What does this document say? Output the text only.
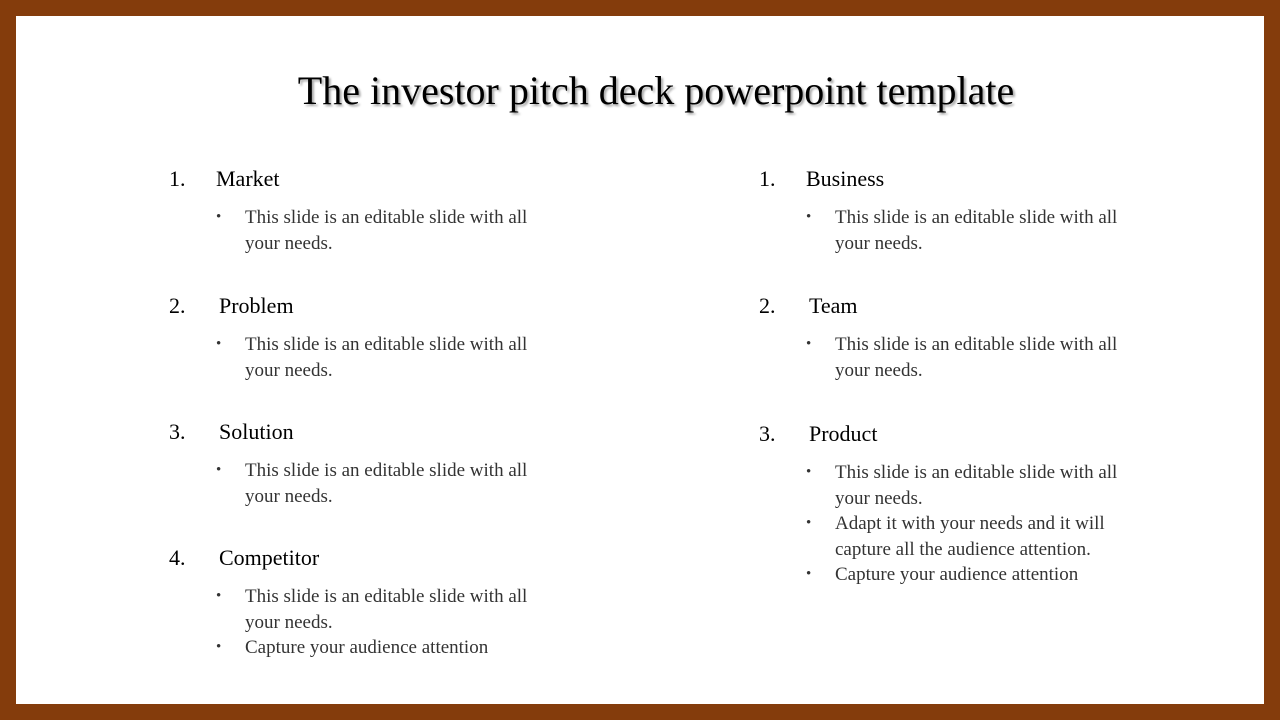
The investor pitch deck powerpoint template
1. Market
• This slide is an editable slide with all your needs.
2. Problem
• This slide is an editable slide with all your needs.
3. Solution
• This slide is an editable slide with all your needs.
4. Competitor
• This slide is an editable slide with all your needs.
• Capture your audience attention
1. Business
• This slide is an editable slide with all your needs.
2. Team
• This slide is an editable slide with all your needs.
3. Product
• This slide is an editable slide with all your needs.
• Adapt it with your needs and it will capture all the audience attention.
• Capture your audience attention
